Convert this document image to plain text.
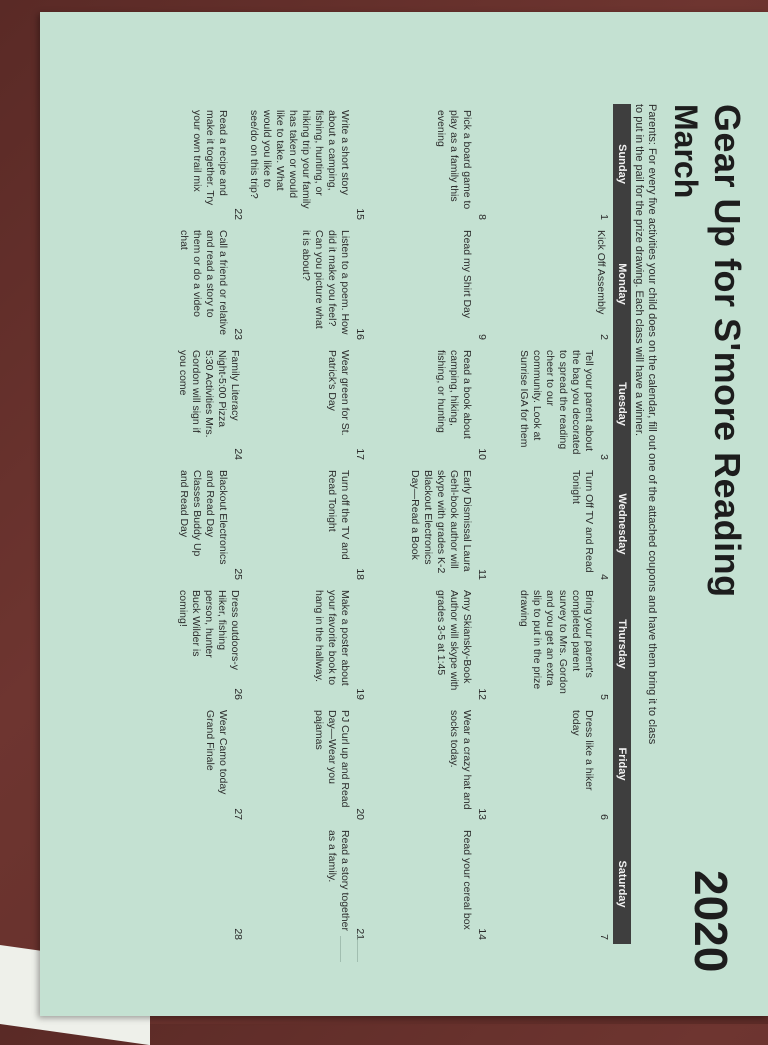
Gear Up for S'more Reading
March
2020
Parents: For every five activities your child does on the calendar, fill out one of the attached coupons and have them bring it to class
to put in the pail for the prize drawing. Each class will have a winner.
Sunday
Monday
Tuesday
Wednesday
Thursday
Friday
Saturday
1
2
Kick Off Assembly
3
Tell your parent about the bag you decorated to spread the reading cheer to our community. Look at Sunrise IGA for them
4
Turn Off TV and Read Tonight
5
Bring your parent's completed parent survey to Mrs. Gordon and you get an extra slip to put in the prize drawing
6
Dress like a hiker today
7
8
Pick a board game to play as a family this evening
9
Read my Shirt Day
10
Read a book about camping, hiking, fishing, or hunting
11
Early Dismissal Laura Gehl-book author will skype with grades K-2 Blackout Electronics Day—Read a Book
12
Amy Skiansky-Book Author will skype with grades 3-5 at 1:45
13
Wear a crazy hat and socks today.
14
Read your cereal box
15
Write a short story about a camping, fishing, hunting, or hiking trip your family has taken or would like to take. What would you like to see/do on this trip?
16
Listen to a poem. How did it make you feel? Can you picture what it is about?
17
Wear green for St. Patrick's Day
18
Turn off the TV and Read Tonight
19
Make a poster about your favorite book to hang in the hallway.
20
PJ Curl up and Read Day—Wear you pajamas
21
Read a story together as a family.
22
Read a recipe and make it together. Try your own trail mix
23
Call a friend or relative and read a story to them or do a video chat
24
Family Literacy Night-5:00 Pizza 5:30 Activities Mrs. Gordon will sign if you come
25
Blackout Electronics and Read Day Classes Buddy Up and Read Day
26
Dress outdoors-y Hiker, fishing person, hunter Buck Wilder is coming!
27
Wear Camo today Grand Finale
28
